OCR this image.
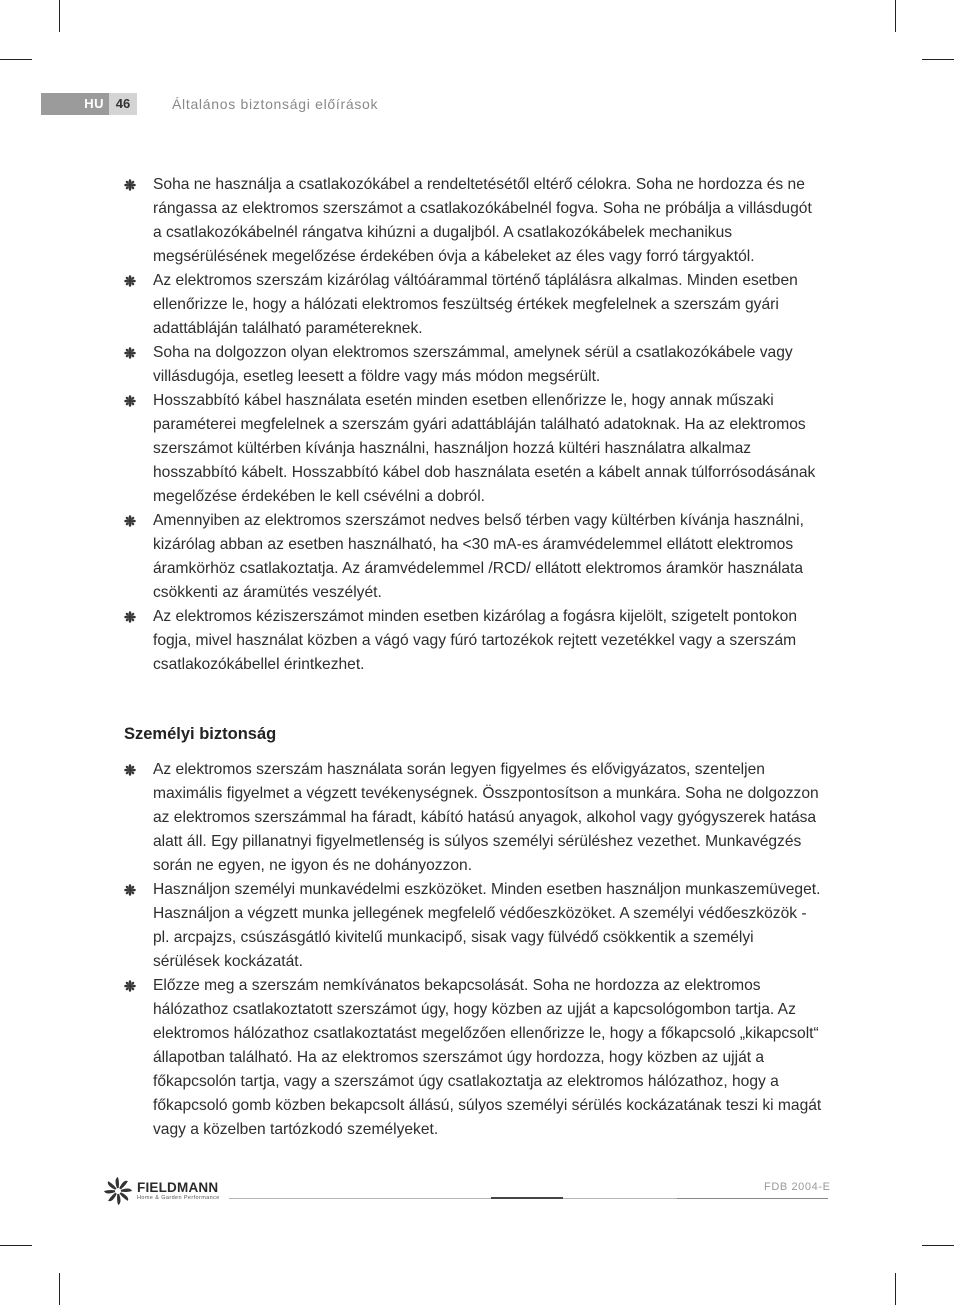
HU 46	Általános biztonsági előírások
Soha ne használja a csatlakozókábel a rendeltetésétől eltérő célokra. Soha ne hordozza és ne rángassa az elektromos szerszámot a csatlakozókábelnél fogva. Soha ne próbálja a villásdugót a csatlakozókábelnél rángatva kihúzni a dugaljból. A csatlakozókábelek mechanikus megsérülésének megelőzése érdekében óvja a kábeleket az éles vagy forró tárgyaktól.
Az elektromos szerszám kizárólag váltóárammal történő táplálásra alkalmas. Minden esetben ellenőrizze le, hogy a hálózati elektromos feszültség értékek megfelelnek a szerszám gyári adattábláján található paramétereknek.
Soha na dolgozzon olyan elektromos szerszámmal, amelynek sérül a csatlakozókábele vagy villásdugója, esetleg leesett a földre vagy más módon megsérült.
Hosszabbító kábel használata esetén minden esetben ellenőrizze le, hogy annak műszaki paraméterei megfelelnek a szerszám gyári adattábláján található adatoknak. Ha az elektromos szerszámot kültérben kívánja használni, használjon hozzá kültéri használatra alkalmaz hosszabbító kábelt. Hosszabbító kábel dob használata esetén a kábelt annak túlforrósodásának megelőzése érdekében le kell csévélni a dobról.
Amennyiben az elektromos szerszámot nedves belső térben vagy kültérben kívánja használni, kizárólag abban az esetben használható, ha <30 mA-es áramvédelemmel ellátott elektromos áramkörhöz csatlakoztatja. Az áramvédelemmel /RCD/ ellátott elektromos áramkör használata csökkenti az áramütés veszélyét.
Az elektromos kéziszerszámot minden esetben kizárólag a fogásra kijelölt, szigetelt pontokon fogja, mivel használat közben a vágó vagy fúró tartozékok rejtett vezetékkel vagy a szerszám csatlakozókábellel érintkezhet.
Személyi biztonság
Az elektromos szerszám használata során legyen figyelmes és elővigyázatos, szenteljen maximális figyelmet a végzett tevékenységnek. Összpontosítson a munkára. Soha ne dolgozzon az elektromos szerszámmal ha fáradt, kábító hatású anyagok, alkohol vagy gyógyszerek hatása alatt áll. Egy pillanatnyi figyelmetlenség is súlyos személyi sérüléshez vezethet. Munkavégzés során ne egyen, ne igyon és ne dohányozzon.
Használjon személyi munkavédelmi eszközöket. Minden esetben használjon munkaszemüveget. Használjon a végzett munka jellegének megfelelő védőeszközöket. A személyi védőeszközök - pl. arcpajzs, csúszásgátló kivitelű munkacipő, sisak vagy fülvédő csökkentik a személyi sérülések kockázatát.
Előzze meg a szerszám nemkívánatos bekapcsolását. Soha ne hordozza az elektromos hálózathoz csatlakoztatott szerszámot úgy, hogy közben az ujját a kapcsológombon tartja. Az elektromos hálózathoz csatlakoztatást megelőzően ellenőrizze le, hogy a főkapcsoló „kikapcsolt“ állapotban található. Ha az elektromos szerszámot úgy hordozza, hogy közben az ujját a főkapcsolón tartja, vagy a szerszámot úgy csatlakoztatja az elektromos hálózathoz, hogy a főkapcsoló gomb közben bekapcsolt állású, súlyos személyi sérülés kockázatának teszi ki magát vagy a közelben tartózkodó személyeket.
FIELDMANN
Home & Garden Performance
FDB 2004-E
